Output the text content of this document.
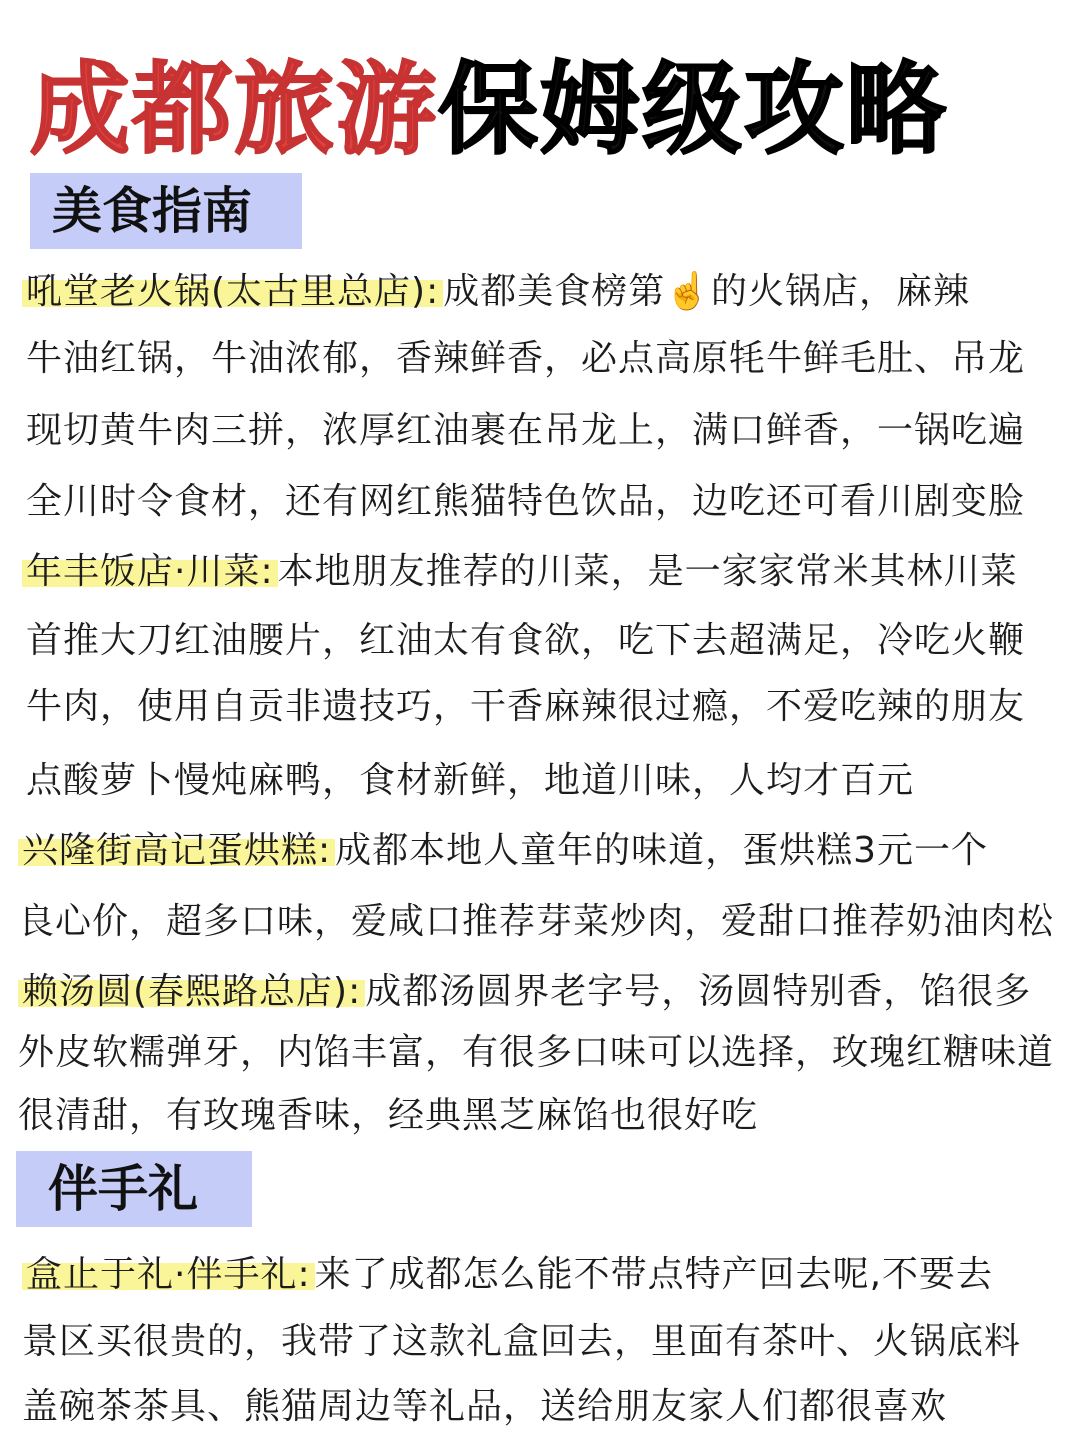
成都旅游保姆级攻略
美食指南
吼堂老火锅(太古里总店): 成都美食榜第☝️的火锅店，麻辣
牛油红锅，牛油浓郁，香辣鲜香，必点高原牦牛鲜毛肚、吊龙
现切黄牛肉三拼，浓厚红油裹在吊龙上，满口鲜香，一锅吃遍
全川时令食材，还有网红熊猫特色饮品，边吃还可看川剧变脸
年丰饭店·川菜: 本地朋友推荐的川菜，是一家家常米其林川菜
首推大刀红油腰片，红油太有食欲，吃下去超满足，冷吃火鞭
牛肉，使用自贡非遗技巧，干香麻辣很过瘾，不爱吃辣的朋友
点酸萝卜慢炖麻鸭，食材新鲜，地道川味，人均才百元
兴隆街高记蛋烘糕: 成都本地人童年的味道，蛋烘糕3元一个
良心价，超多口味，爱咸口推荐芽菜炒肉，爱甜口推荐奶油肉松
赖汤圆(春熙路总店): 成都汤圆界老字号，汤圆特别香，馅很多
外皮软糯弹牙，内馅丰富，有很多口味可以选择，玫瑰红糖味道
很清甜，有玫瑰香味，经典黑芝麻馅也很好吃
伴手礼
盒止于礼·伴手礼: 来了成都怎么能不带点特产回去呢,不要去
景区买很贵的，我带了这款礼盒回去，里面有茶叶、火锅底料
盖碗茶茶具、熊猫周边等礼品，送给朋友家人们都很喜欢
